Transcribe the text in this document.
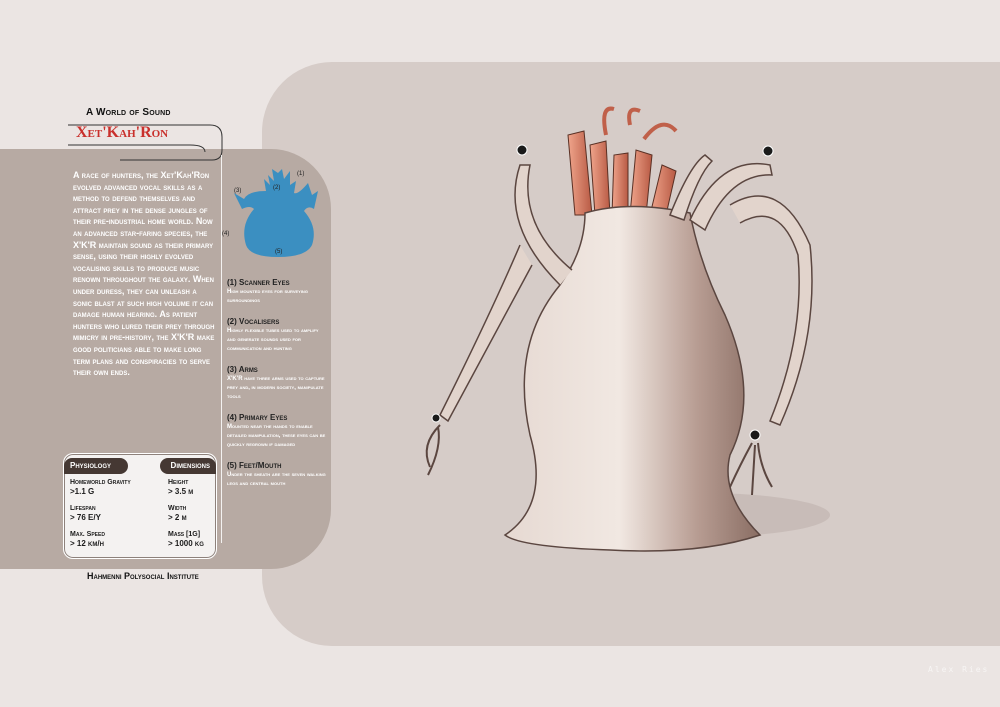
A World of Sound
Xet'Kah'Ron
A race of hunters, the Xet'Kah'Ron evolved advanced vocal skills as a method to defend themselves and attract prey in the dense jungles of their pre-industrial home world. Now an advanced star-faring species, the X'K'R maintain sound as their primary sense, using their highly evolved vocalising skills to produce music renown throughout the galaxy. When under duress, they can unleash a sonic blast at such high volume it can damage human hearing. As patient hunters who lured their prey through mimicry in pre-history, the X'K'R make good politicians able to make long term plans and conspiracies to serve their own ends.
(1)
(2)
(3)
(4)
(5)
(1) Scanner Eyes
High mounted eyes for surveying surroundings
(2) Vocalisers
Highly flexible tubes used to amplify and generate sounds used for communication and hunting
(3) Arms
X'K'R have three arms used to capture prey and, in modern society, manipulate tools
(4) Primary Eyes
Mounted near the hands to enable detailed manipulation, these eyes can be quickly regrown if damaged
(5) Feet/Mouth
Under the sheath are the seven walking legs and central mouth
Physiology	Dimensions
Homeworld Gravity
>1.1 G
Lifespan
> 76 E/Y
Max. Speed
> 12 km/h
Height
> 3.5 m
Width
> 2 m
Mass [1G]
> 1000 kg
Hahmenni Polysocial Institute
Alex Ries
